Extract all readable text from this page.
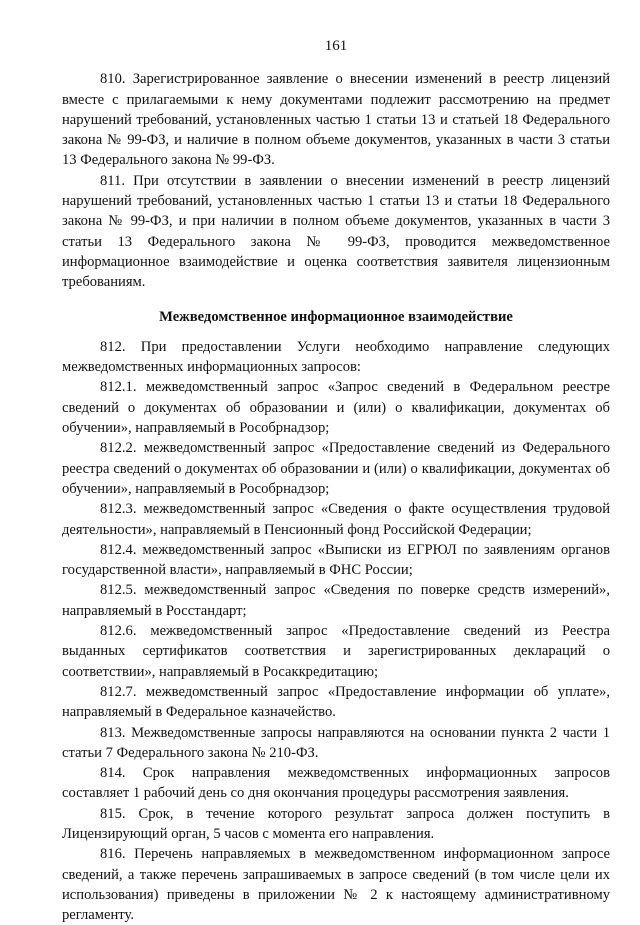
161

810. Зарегистрированное заявление о внесении изменений в реестр лицензий вместе с прилагаемыми к нему документами подлежит рассмотрению на предмет нарушений требований, установленных частью 1 статьи 13 и статьей 18 Федерального закона № 99-ФЗ, и наличие в полном объеме документов, указанных в части 3 статьи 13 Федерального закона № 99-ФЗ.

811. При отсутствии в заявлении о внесении изменений в реестр лицензий нарушений требований, установленных частью 1 статьи 13 и статьи 18 Федерального закона № 99-ФЗ, и при наличии в полном объеме документов, указанных в части 3 статьи 13 Федерального закона № 99-ФЗ, проводится межведомственное информационное взаимодействие и оценка соответствия заявителя лицензионным требованиям.

Межведомственное информационное взаимодействие

812. При предоставлении Услуги необходимо направление следующих межведомственных информационных запросов:

812.1. межведомственный запрос «Запрос сведений в Федеральном реестре сведений о документах об образовании и (или) о квалификации, документах об обучении», направляемый в Рособрнадзор;

812.2. межведомственный запрос «Предоставление сведений из Федерального реестра сведений о документах об образовании и (или) о квалификации, документах об обучении», направляемый в Рособрнадзор;

812.3. межведомственный запрос «Сведения о факте осуществления трудовой деятельности», направляемый в Пенсионный фонд Российской Федерации;

812.4. межведомственный запрос «Выписки из ЕГРЮЛ по заявлениям органов государственной власти», направляемый в ФНС России;

812.5. межведомственный запрос «Сведения по поверке средств измерений», направляемый в Росстандарт;

812.6. межведомственный запрос «Предоставление сведений из Реестра выданных сертификатов соответствия и зарегистрированных деклараций о соответствии», направляемый в Росаккредитацию;

812.7. межведомственный запрос «Предоставление информации об уплате», направляемый в Федеральное казначейство.

813. Межведомственные запросы направляются на основании пункта 2 части 1 статьи 7 Федерального закона № 210-ФЗ.

814. Срок направления межведомственных информационных запросов составляет 1 рабочий день со дня окончания процедуры рассмотрения заявления.

815. Срок, в течение которого результат запроса должен поступить в Лицензирующий орган, 5 часов с момента его направления.

816. Перечень направляемых в межведомственном информационном запросе сведений, а также перечень запрашиваемых в запросе сведений (в том числе цели их использования) приведены в приложении № 2 к настоящему административному регламенту.
